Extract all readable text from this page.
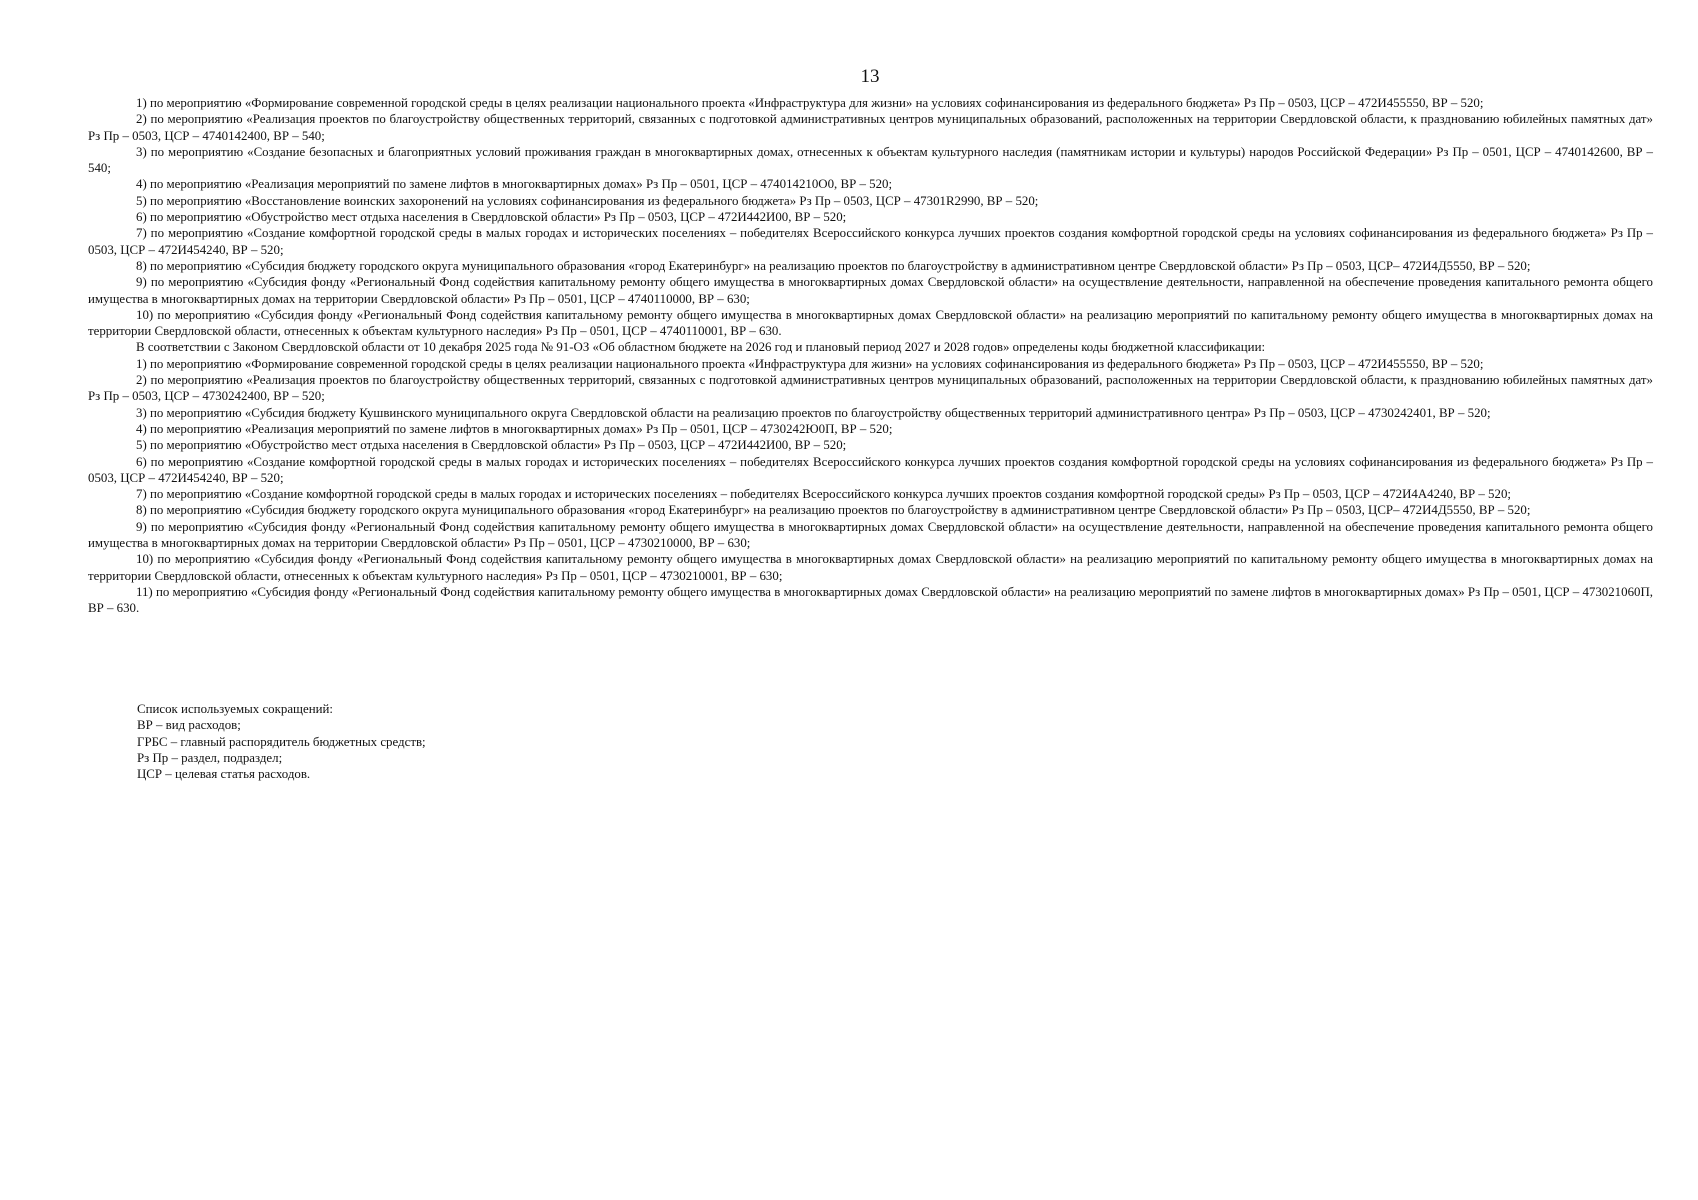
13

1) по мероприятию «Формирование современной городской среды в целях реализации национального проекта «Инфраструктура для жизни» на условиях софинансирования из федерального бюджета» Рз Пр – 0503, ЦСР – 472И455550, ВР – 520;

2) по мероприятию «Реализация проектов по благоустройству общественных территорий, связанных с подготовкой административных центров муниципальных образований, расположенных на территории Свердловской области, к празднованию юбилейных памятных дат» Рз Пр – 0503, ЦСР – 4740142400, ВР – 540;

3) по мероприятию «Создание безопасных и благоприятных условий проживания граждан в многоквартирных домах, отнесенных к объектам культурного наследия (памятникам истории и культуры) народов Российской Федерации» Рз Пр – 0501, ЦСР – 4740142600, ВР – 540;

4) по мероприятию «Реализация мероприятий по замене лифтов в многоквартирных домах» Рз Пр – 0501, ЦСР – 474014210О0, ВР – 520;

5) по мероприятию «Восстановление воинских захоронений на условиях софинансирования из федерального бюджета» Рз Пр – 0503, ЦСР – 47301R2990, ВР – 520;

6) по мероприятию «Обустройство мест отдыха населения в Свердловской области» Рз Пр – 0503, ЦСР – 472И442И00, ВР – 520;

7) по мероприятию «Создание комфортной городской среды в малых городах и исторических поселениях – победителях Всероссийского конкурса лучших проектов создания комфортной городской среды на условиях софинансирования из федерального бюджета» Рз Пр – 0503, ЦСР – 472И454240, ВР – 520;

8) по мероприятию «Субсидия бюджету городского округа муниципального образования «город Екатеринбург» на реализацию проектов по благоустройству в административном центре Свердловской области» Рз Пр – 0503, ЦСР– 472И4Д5550, ВР – 520;

9) по мероприятию «Субсидия фонду «Региональный Фонд содействия капитальному ремонту общего имущества в многоквартирных домах Свердловской области» на осуществление деятельности, направленной на обеспечение проведения капитального ремонта общего имущества в многоквартирных домах на территории Свердловской области» Рз Пр – 0501, ЦСР – 4740110000, ВР – 630;

10) по мероприятию «Субсидия фонду «Региональный Фонд содействия капитальному ремонту общего имущества в многоквартирных домах Свердловской области» на реализацию мероприятий по капитальному ремонту общего имущества в многоквартирных домах на территории Свердловской области, отнесенных к объектам культурного наследия» Рз Пр – 0501, ЦСР – 4740110001, ВР – 630.

В соответствии с Законом Свердловской области от 10 декабря 2025 года № 91-ОЗ «Об областном бюджете на 2026 год и плановый период 2027 и 2028 годов» определены коды бюджетной классификации:

1) по мероприятию «Формирование современной городской среды в целях реализации национального проекта «Инфраструктура для жизни» на условиях софинансирования из федерального бюджета» Рз Пр – 0503, ЦСР – 472И455550, ВР – 520;

2) по мероприятию «Реализация проектов по благоустройству общественных территорий, связанных с подготовкой административных центров муниципальных образований, расположенных на территории Свердловской области, к празднованию юбилейных памятных дат» Рз Пр – 0503, ЦСР – 4730242400, ВР – 520;

3) по мероприятию «Субсидия бюджету Кушвинского муниципального округа Свердловской области на реализацию проектов по благоустройству общественных территорий административного центра» Рз Пр – 0503, ЦСР – 4730242401, ВР – 520;

4) по мероприятию «Реализация мероприятий по замене лифтов в многоквартирных домах» Рз Пр – 0501, ЦСР – 4730242Ю0П, ВР – 520;

5) по мероприятию «Обустройство мест отдыха населения в Свердловской области» Рз Пр – 0503, ЦСР – 472И442И00, ВР – 520;

6) по мероприятию «Создание комфортной городской среды в малых городах и исторических поселениях – победителях Всероссийского конкурса лучших проектов создания комфортной городской среды на условиях софинансирования из федерального бюджета» Рз Пр – 0503, ЦСР – 472И454240, ВР – 520;

7) по мероприятию «Создание комфортной городской среды в малых городах и исторических поселениях – победителях Всероссийского конкурса лучших проектов создания комфортной городской среды» Рз Пр – 0503, ЦСР – 472И4А4240, ВР – 520;

8) по мероприятию «Субсидия бюджету городского округа муниципального образования «город Екатеринбург» на реализацию проектов по благоустройству в административном центре Свердловской области» Рз Пр – 0503, ЦСР– 472И4Д5550, ВР – 520;

9) по мероприятию «Субсидия фонду «Региональный Фонд содействия капитальному ремонту общего имущества в многоквартирных домах Свердловской области» на осуществление деятельности, направленной на обеспечение проведения капитального ремонта общего имущества в многоквартирных домах на территории Свердловской области» Рз Пр – 0501, ЦСР – 4730210000, ВР – 630;

10) по мероприятию «Субсидия фонду «Региональный Фонд содействия капитальному ремонту общего имущества в многоквартирных домах Свердловской области» на реализацию мероприятий по капитальному ремонту общего имущества в многоквартирных домах на территории Свердловской области, отнесенных к объектам культурного наследия» Рз Пр – 0501, ЦСР – 4730210001, ВР – 630;

11) по мероприятию «Субсидия фонду «Региональный Фонд содействия капитальному ремонту общего имущества в многоквартирных домах Свердловской области» на реализацию мероприятий по замене лифтов в многоквартирных домах» Рз Пр – 0501, ЦСР – 473021060П, ВР – 630.

Список используемых сокращений:
ВР – вид расходов;
ГРБС – главный распорядитель бюджетных средств;
Рз Пр – раздел, подраздел;
ЦСР – целевая статья расходов.
